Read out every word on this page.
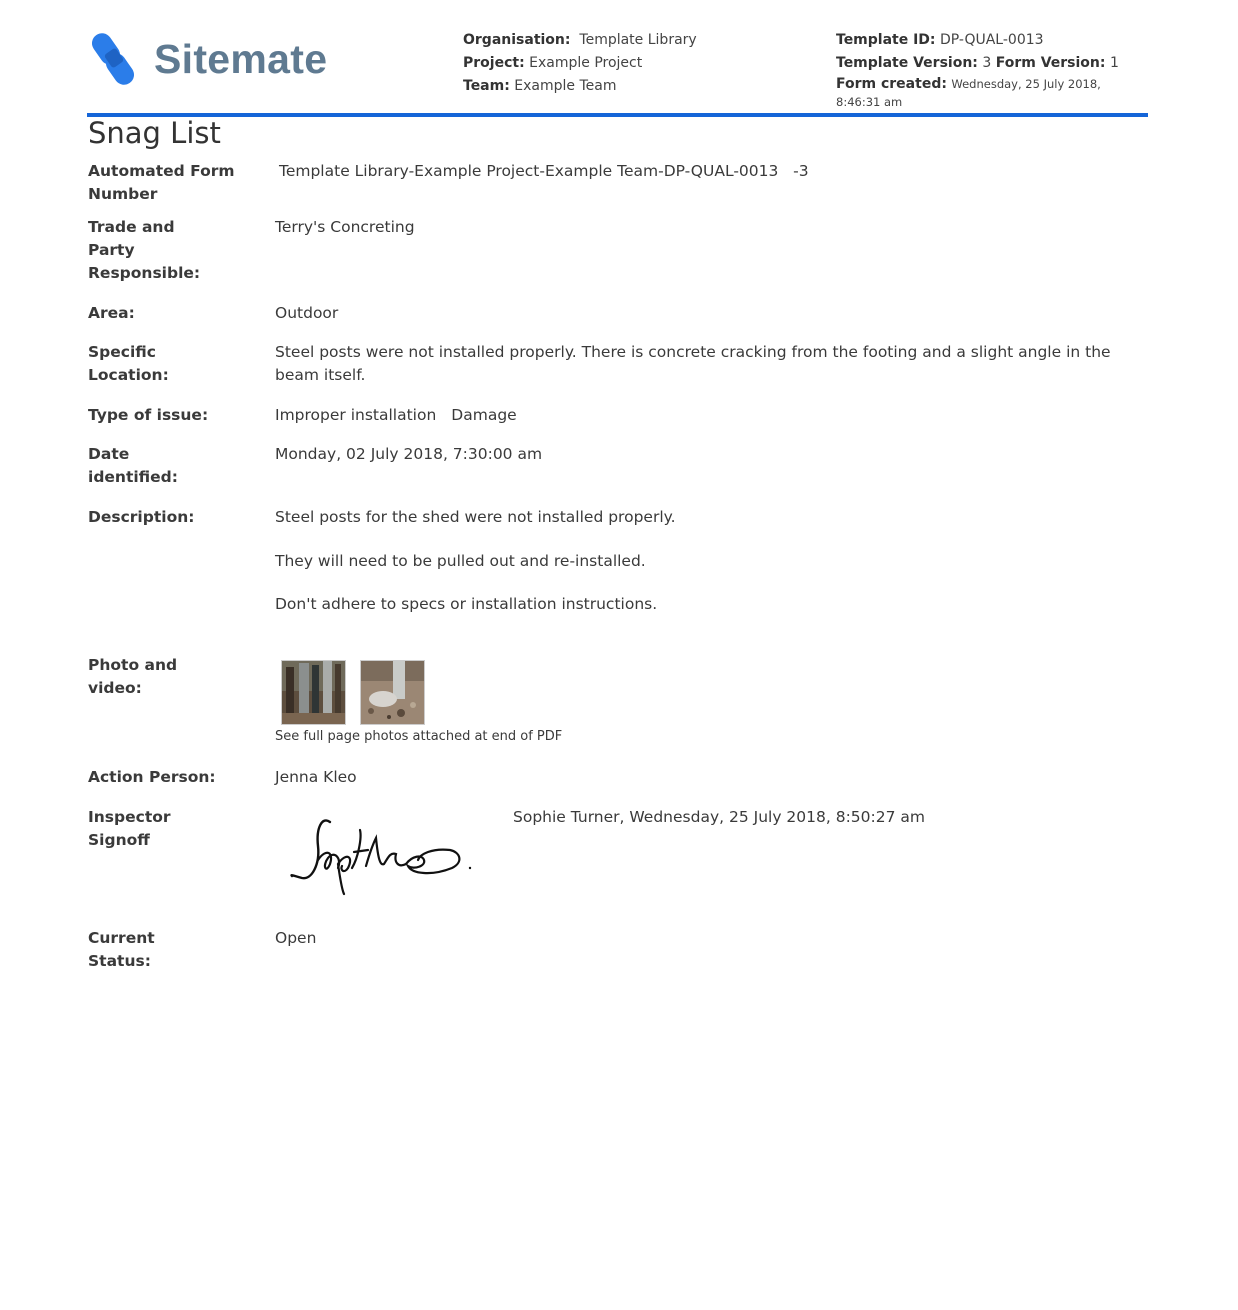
Sitemate	Organisation: Template Library
Project: Example Project
Team: Example Team
Template ID: DP-QUAL-0013
Template Version: 3 Form Version: 1
Form created: Wednesday, 25 July 2018, 8:46:31 am
Snag List
Automated Form Number
Template Library-Example Project-Example Team-DP-QUAL-0013 -3
Trade and Party Responsible:
Terry's Concreting
Area:	Outdoor
Specific Location:
Steel posts were not installed properly. There is concrete cracking from the footing and a slight angle in the beam itself.
Type of issue:	Improper installation Damage
Date identified:
Monday, 02 July 2018, 7:30:00 am
Description:	Steel posts for the shed were not installed properly.
They will need to be pulled out and re-installed.
Don't adhere to specs or installation instructions.
Photo and video:
See full page photos attached at end of PDF
Action Person:	Jenna Kleo
Inspector Signoff
Sophie Turner, Wednesday, 25 July 2018, 8:50:27 am
Current Status:
Open
